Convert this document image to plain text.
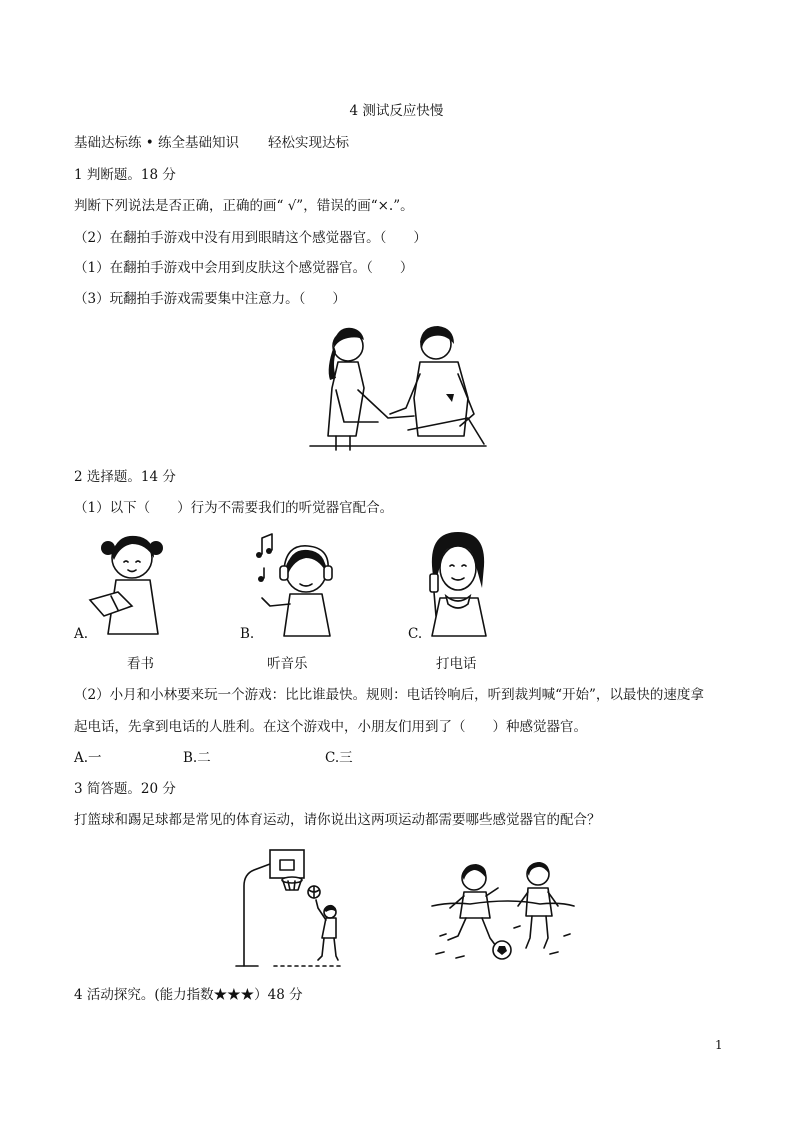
4 测试反应快慢
基础达标练 • 练全基础知识 轻松实现达标
1 判断题。18 分
判断下列说法是否正确，正确的画“ √”，错误的画“×.”。
（2）在翻拍手游戏中没有用到眼睛这个感觉器官。（　　）
（1）在翻拍手游戏中会用到皮肤这个感觉器官。（　　）
（3）玩翻拍手游戏需要集中注意力。（　　）
2 选择题。14 分
（1）以下（　　）行为不需要我们的听觉器官配合。
A.
看书
B.
听音乐
C.
打电话
（2）小月和小林要来玩一个游戏：比比谁最快。规则：电话铃响后，听到裁判喊“开始”，以最快的速度拿起电话，先拿到电话的人胜利。在这个游戏中，小朋友们用到了（　　）种感觉器官。
A.一	B.二	C.三
3 简答题。20 分
打篮球和踢足球都是常见的体育运动，请你说出这两项运动都需要哪些感觉器官的配合？
4 活动探究。(能力指数★★★）48 分
1
